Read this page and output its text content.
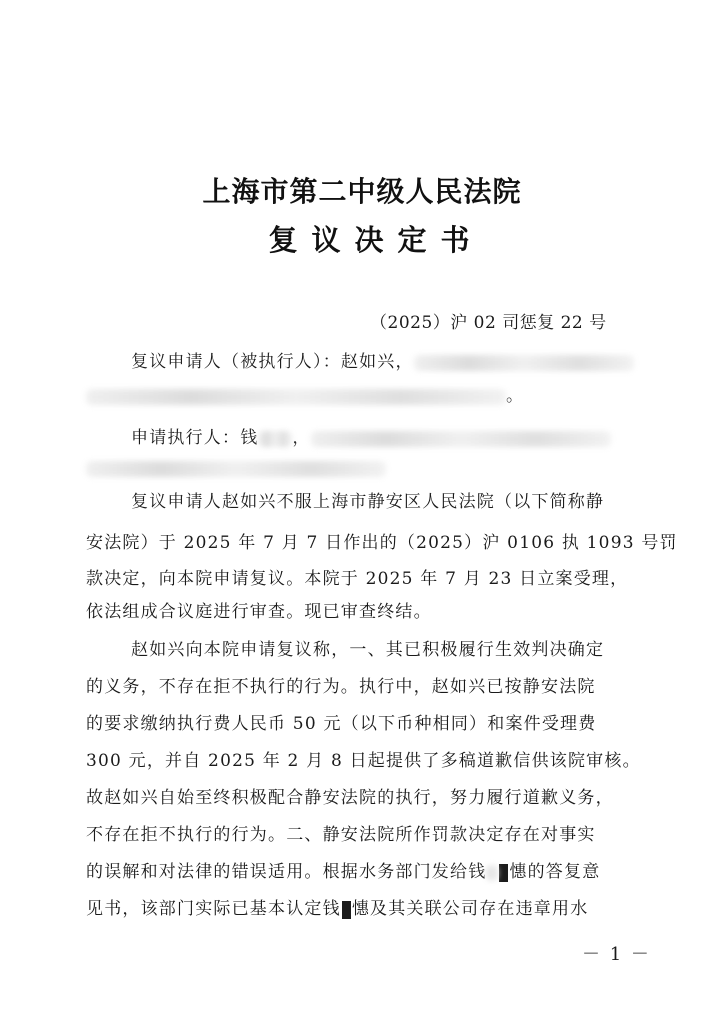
上海市第二中级人民法院
复议决定书
（2025）沪 02 司惩复 22 号
复议申请人（被执行人）：赵如兴，
。
申请执行人：钱 ，
复议申请人赵如兴不服上海市静安区人民法院（以下简称静
安法院）于 2025 年 7 月 7 日作出的（2025）沪 0106 执 1093 号罚
款决定，向本院申请复议。本院于 2025 年 7 月 23 日立案受理，
依法组成合议庭进行审查。现已审查终结。
赵如兴向本院申请复议称，一、其已积极履行生效判决确定
的义务，不存在拒不执行的行为。执行中，赵如兴已按静安法院
的要求缴纳执行费人民币 50 元（以下币种相同）和案件受理费
300 元，并自 2025 年 2 月 8 日起提供了多稿道歉信供该院审核。
故赵如兴自始至终积极配合静安法院的执行，努力履行道歉义务，
不存在拒不执行的行为。二、静安法院所作罚款决定存在对事实
的误解和对法律的错误适用。根据水务部门发给钱 憓的答复意
见书，该部门实际已基本认定钱 憓及其关联公司存在违章用水
－ 1 －
